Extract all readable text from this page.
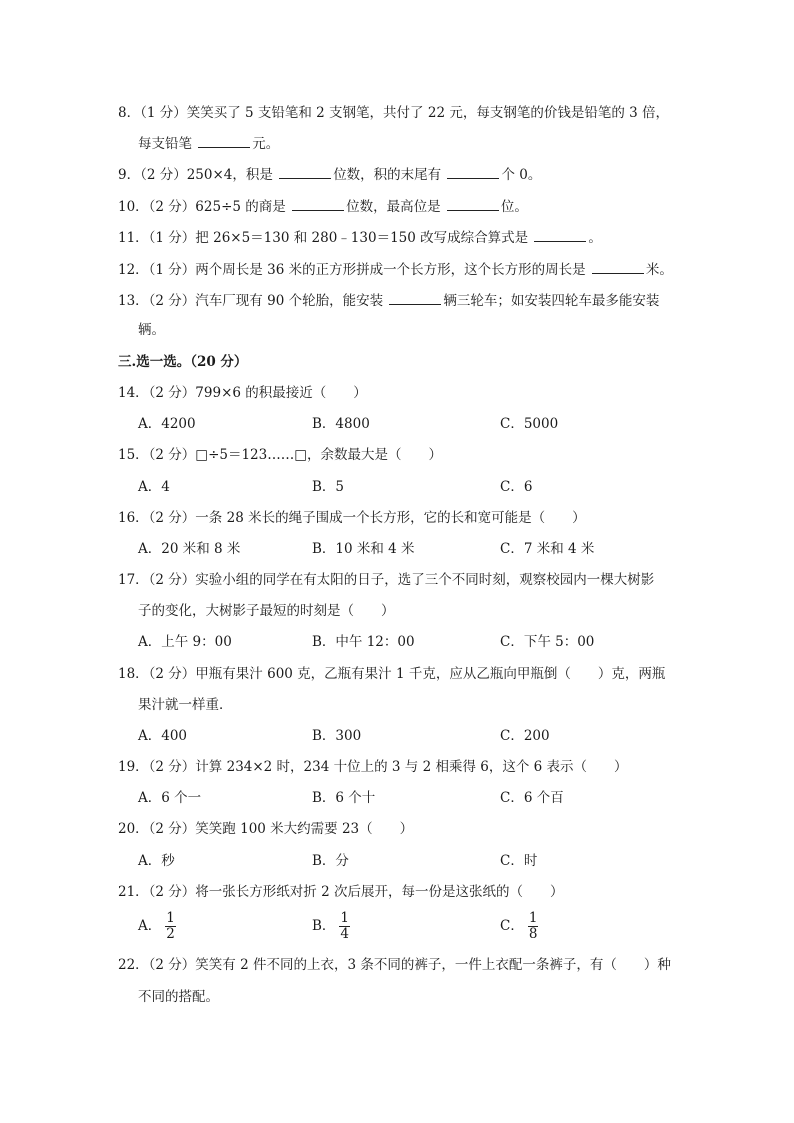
8．（1 分）笑笑买了 5 支铅笔和 2 支钢笔，共付了 22 元，每支钢笔的价钱是铅笔的 3 倍，
每支铅笔	元。
9．（2 分）250×4，积是	位数，积的末尾有	个 0。
10．（2 分）625÷5 的商是	位数，最高位是	位。
11．（1 分）把 26×5＝130 和 280﹣130＝150 改写成综合算式是	。
12．（1 分）两个周长是 36 米的正方形拼成一个长方形，这个长方形的周长是	米。
13．（2 分）汽车厂现有 90 个轮胎，能安装	辆三轮车；如安装四轮车最多能安装
辆。
三.选一选。（20 分）
14．（2 分）799×6 的积最接近（　　）
A．4200	B．4800	C．5000
15．（2 分）□÷5＝123……□，余数最大是（　　）
A．4	B．5	C．6
16．（2 分）一条 28 米长的绳子围成一个长方形，它的长和宽可能是（　　）
A．20 米和 8 米	B．10 米和 4 米	C．7 米和 4 米
17．（2 分）实验小组的同学在有太阳的日子，选了三个不同时刻，观察校园内一棵大树影
子的变化，大树影子最短的时刻是（　　）
A．上午 9：00	B．中午 12：00	C．下午 5：00
18．（2 分）甲瓶有果汁 600 克，乙瓶有果汁 1 千克，应从乙瓶向甲瓶倒（　　）克，两瓶
果汁就一样重．
A．400	B．300	C．200
19．（2 分）计算 234×2 时，234 十位上的 3 与 2 相乘得 6，这个 6 表示（　　）
A．6 个一	B．6 个十	C．6 个百
20．（2 分）笑笑跑 100 米大约需要 23（　　）
A．秒	B．分	C．时
21．（2 分）将一张长方形纸对折 2 次后展开，每一份是这张纸的（　　）
A． $\frac{1}{2}$	B． $\frac{1}{4}$	C． $\frac{1}{8}$
22．（2 分）笑笑有 2 件不同的上衣，3 条不同的裤子，一件上衣配一条裤子，有（　　）种
不同的搭配。
